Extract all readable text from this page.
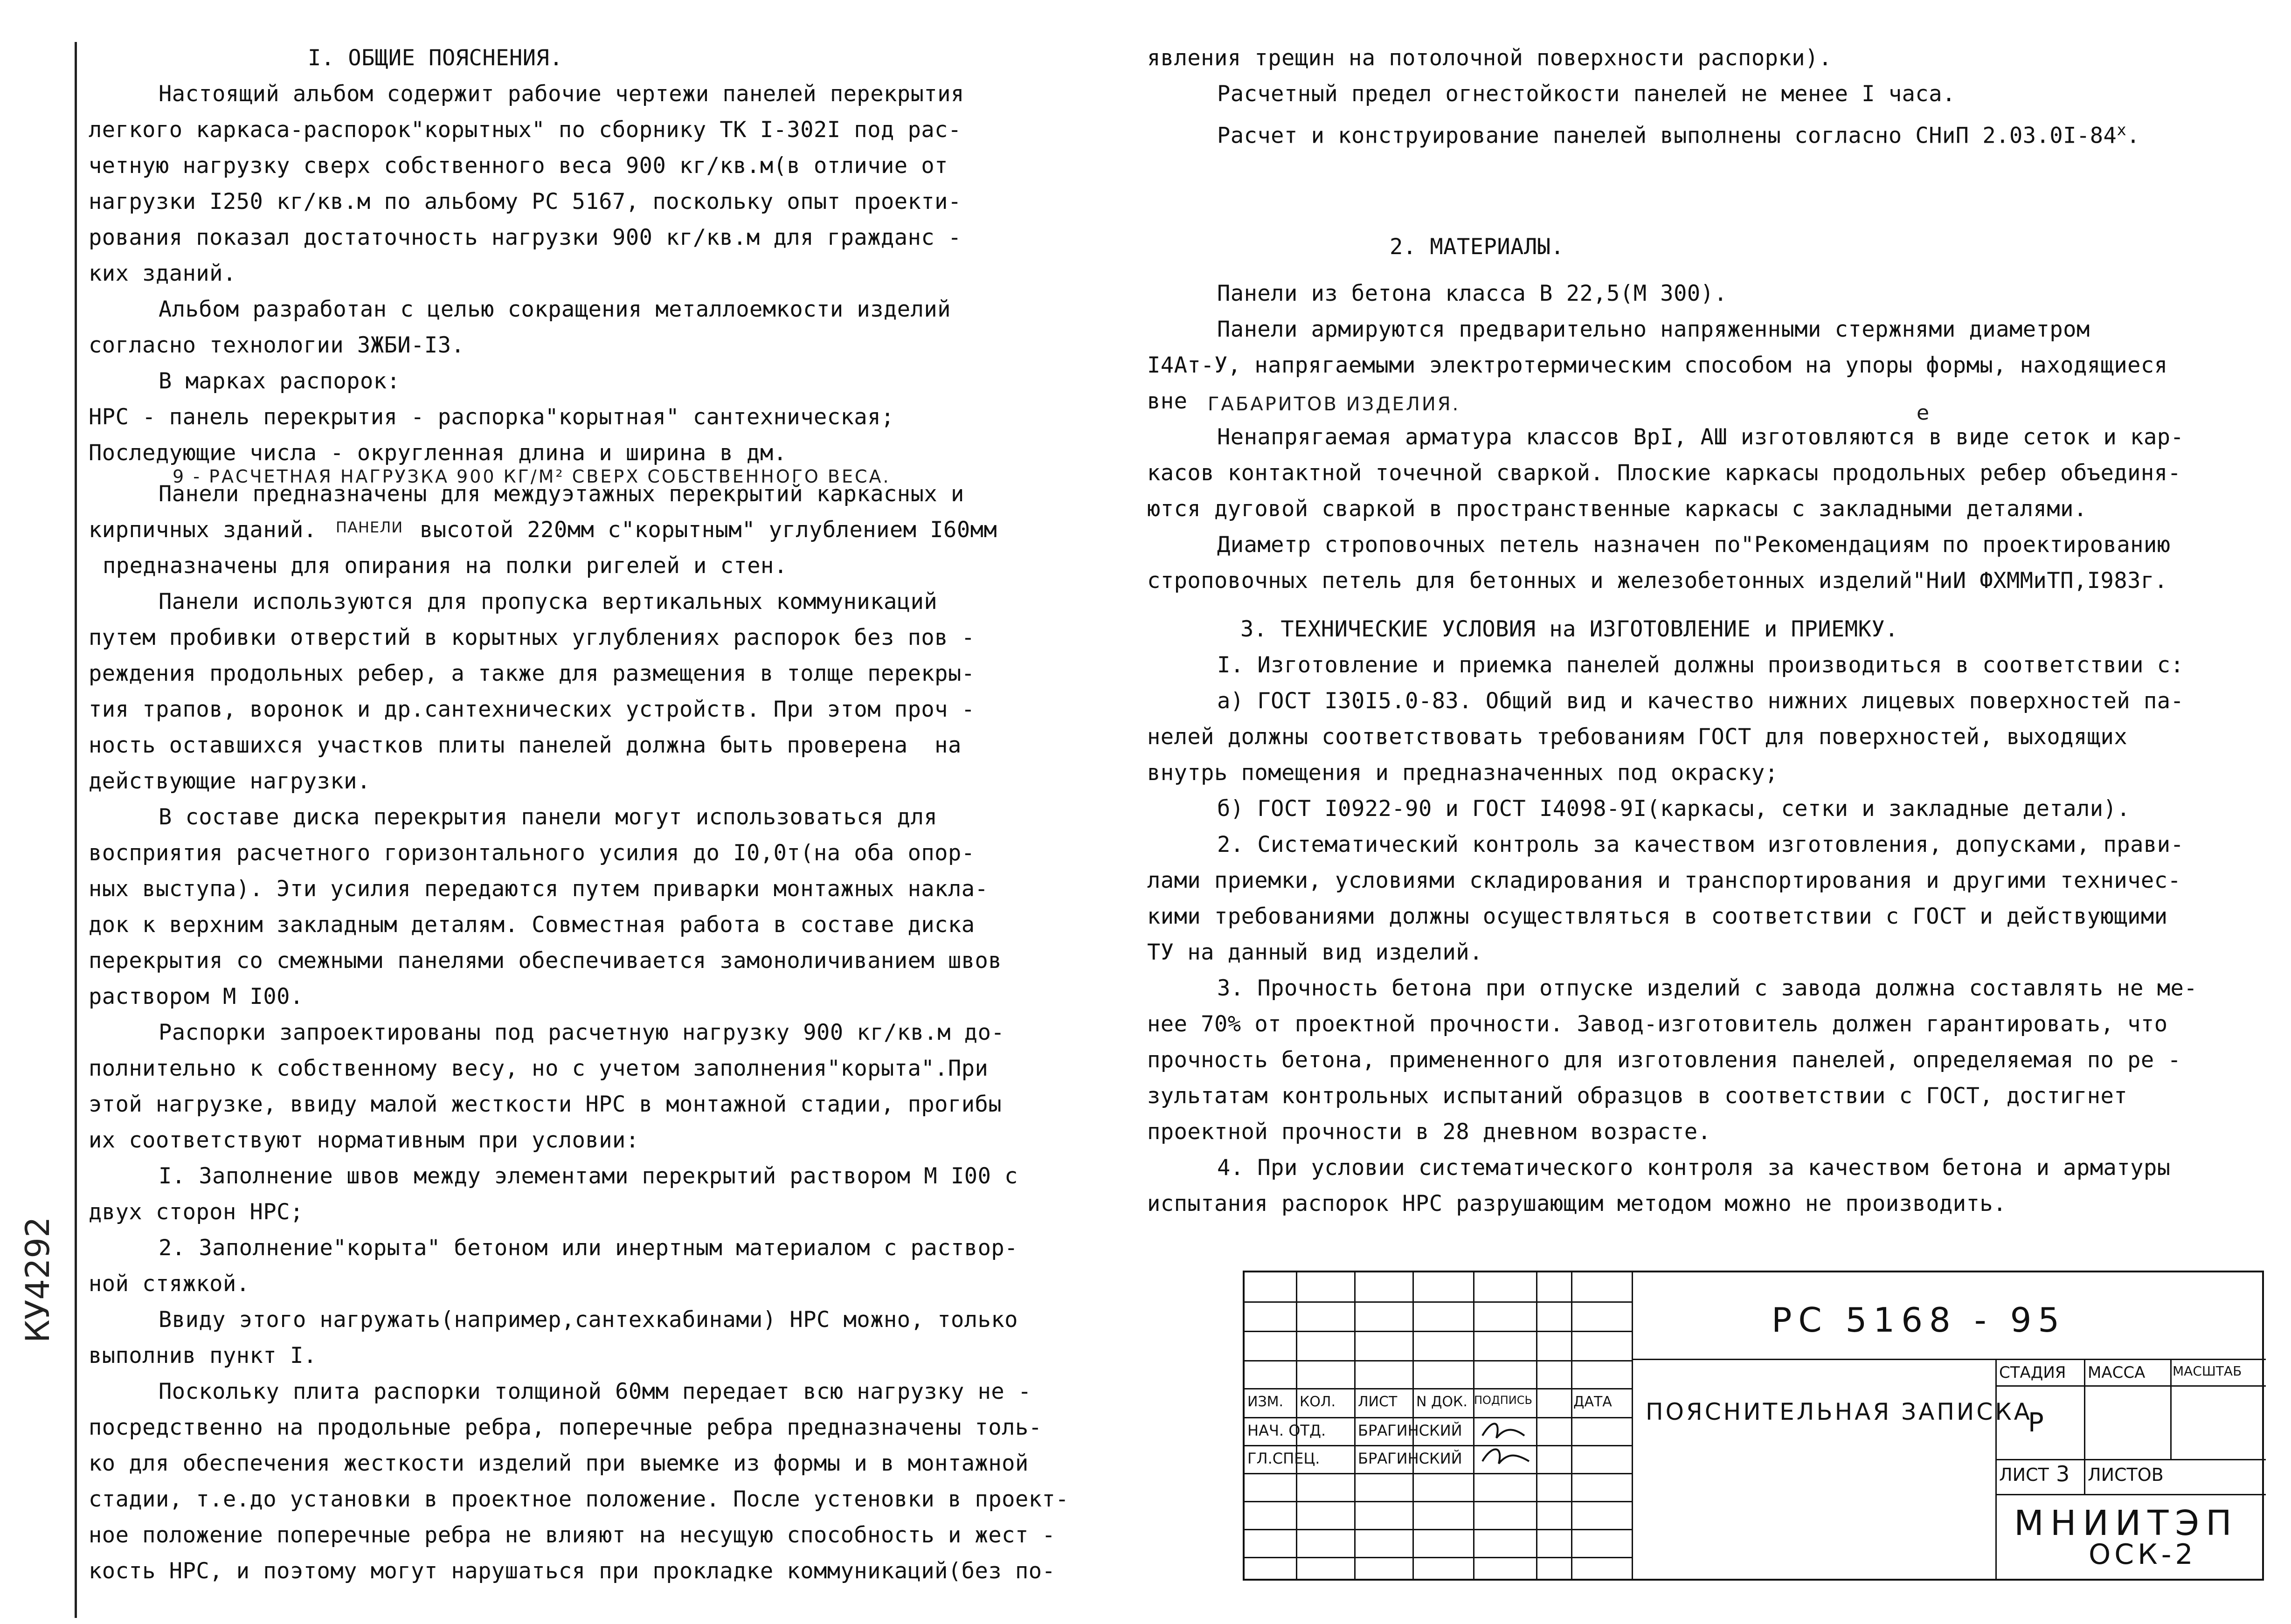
КУ4292
I. ОБЩИЕ ПОЯСНЕНИЯ.
Настоящий альбом содержит рабочие чертежи панелей перекрытия
легкого каркаса-распорок"корытных" по сборнику ТК I-302I под рас-
четную нагрузку сверх собственного веса 900 кг/кв.м(в отличие от
нагрузки I250 кг/кв.м по альбому РС 5167, поскольку опыт проекти-
рования показал достаточность нагрузки 900 кг/кв.м для гражданс -
ких зданий.
Альбом разработан с целью сокращения металлоемкости изделий
согласно технологии ЗЖБИ-I3.
В марках распорок:
НРС - панель перекрытия - распорка"корытная" сантехническая;
Последующие числа - округленная длина и ширина в дм.
9 - РАСЧЕТНАЯ НАГРУЗКА 900 КГ/М² СВЕРХ СОБСТВЕННОГО ВЕСА.
Панели предназначены для междуэтажных перекрытий каркасных и
кирпичных зданий. ПАНЕЛИ высотой 220мм с"корытным" углублением I60мм
предназначены для опирания на полки ригелей и стен.
Панели используются для пропуска вертикальных коммуникаций
путем пробивки отверстий в корытных углублениях распорок без пов -
реждения продольных ребер, а также для размещения в толще перекры-
тия трапов, воронок и др.сантехнических устройств. При этом проч -
ность оставшихся участков плиты панелей должна быть проверена  на
действующие нагрузки.
В составе диска перекрытия панели могут использоваться для
восприятия расчетного горизонтального усилия до I0,0т(на оба опор-
ных выступа). Эти усилия передаются путем приварки монтажных наклa-
док к верхним закладным деталям. Совместная работа в составе диска
перекрытия со смежными панелями обеспечивается замоноличиванием швов
раствором М I00.
Распорки запроектированы под расчетную нагрузку 900 кг/кв.м до-
полнительно к собственному весу, но с учетом заполнения"корыта".При
этой нагрузке, ввиду малой жесткости НРС в монтажной стадии, прогибы
их соответствуют нормативным при условии:
I. Заполнение швов между элементами перекрытий раствором М I00 с
двух сторон НРС;
2. Заполнение"корыта" бетоном или инертным материалом с раствор-
ной стяжкой.
Ввиду этого нагружать(например,сантехкабинами) НРС можно, только
выполнив пункт I.
Поскольку плита распорки толщиной 60мм передает всю нагрузку не -
посредственно на продольные ребра, поперечные ребра предназначены толь-
ко для обеспечения жесткости изделий при выемке из формы и в монтажной
стадии, т.е.до установки в проектное положение. После устеновки в проект-
ное положение поперечные ребра не влияют на несущую способность и жест -
кость НРС, и поэтому могут нарушаться при прокладке коммуникаций(без по-
явления трещин на потолочной поверхности распорки).
Расчетный предел огнестойкости панелей не менее I часа.
Расчет и конструирование панелей выполнены согласно СНиП $2.03.0I-84^х$.
2. МАТЕРИАЛЫ.
Панели из бетона класса В 22,5(М 300).
Панели армируются предварительно напряженными стержнями диаметром
I4Ат-У, напрягаемыми электротермическим способом на упоры формы, находящиеся
вне ГАБАРИТОВ ИЗДЕЛИЯ.	е
Ненапрягаемая арматура классов ВрI, АШ изготовляются в виде сеток и кар-
касов контактной точечной сваркой. Плоские каркасы продольных ребер объединя-
ются дуговой сваркой в пространственные каркасы с закладными деталями.
Диаметр строповочных петель назначен по"Рекомендациям по проектированию
строповочных петель для бетонных и железобетонных изделий"НиИ ФХММиТП,I983г.
3. ТЕХНИЧЕСКИЕ УСЛОВИЯ на ИЗГОТОВЛЕНИЕ и ПРИЕМКУ.
I. Изготовление и приемка панелей должны производиться в соответствии с:
а) ГОСТ I30I5.0-83. Общий вид и качество нижних лицевых поверхностей па-
нелей должны соответствовать требованиям ГОСТ для поверхностей, выходящих
внутрь помещения и предназначенных под окраску;
б) ГОСТ I0922-90 и ГОСТ I4098-9I(каркасы, сетки и закладные детали).
2. Систематический контроль за качеством изготовления, допусками, прави-
лами приемки, условиями складирования и транспортирования и другими техничес-
кими требованиями должны осуществляться в соответствии с ГОСТ и действующими
ТУ на данный вид изделий.
3. Прочность бетона при отпуске изделий с завода должна составлять не ме-
нее 70% от проектной прочности. Завод-изготовитель должен гарантировать, что
прочность бетона, примененного для изготовления панелей, определяемая по ре -
зультатам контрольных испытаний образцов в соответствии с ГОСТ, достигнет
проектной прочности в 28 дневном возрасте.
4. При условии систематического контроля за качеством бетона и арматуры
испытания распорок НРС разрушающим методом можно не производить.
РС 5168 - 95
ПОЯСНИТЕЛЬНАЯ ЗАПИСКА
ИЗМ. КОЛ. ЛИСТ N ДОК. ПОДПИСЬ	ДАТА
НАЧ. ОТД. БРАГИНСКИЙ
ГЛ.СПЕЦ.	БРАГИНСКИЙ
СТАДИЯ МАССА МАСШТАБ
Р
ЛИСТ 3 ЛИСТОВ
МНИИТЭП
ОСК-2
